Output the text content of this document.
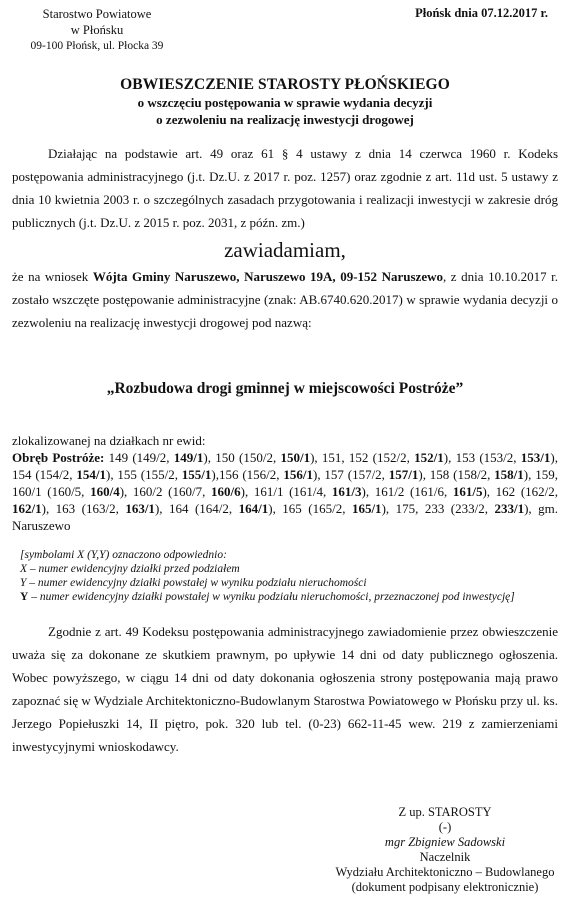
Starostwo Powiatowe
w Płońsku
09-100 Płońsk, ul. Płocka 39
Płońsk dnia 07.12.2017 r.
OBWIESZCZENIE STAROSTY PŁOŃSKIEGO
o wszczęciu postępowania w sprawie wydania decyzji
o zezwoleniu na realizację inwestycji drogowej

Działając na podstawie art. 49 oraz 61 § 4 ustawy z dnia 14 czerwca 1960 r. Kodeks postępowania administracyjnego (j.t. Dz.U. z 2017 r. poz. 1257) oraz zgodnie z art. 11d ust. 5 ustawy z dnia 10 kwietnia 2003 r. o szczególnych zasadach przygotowania i realizacji inwestycji w zakresie dróg publicznych (j.t. Dz.U. z 2015 r. poz. 2031, z późn. zm.)

zawiadamiam,

że na wniosek Wójta Gminy Naruszewo, Naruszewo 19A, 09-152 Naruszewo, z dnia 10.10.2017 r. zostało wszczęte postępowanie administracyjne (znak: AB.6740.620.2017) w sprawie wydania decyzji o zezwoleniu na realizację inwestycji drogowej pod nazwą:

„Rozbudowa drogi gminnej w miejscowości Postróże”
zlokalizowanej na działkach nr ewid:
Obręb Postróże: 149 (149/2, 149/1), 150 (150/2, 150/1), 151, 152 (152/2, 152/1), 153 (153/2, 153/1), 154 (154/2, 154/1), 155 (155/2, 155/1),156 (156/2, 156/1), 157 (157/2, 157/1), 158 (158/2, 158/1), 159, 160/1 (160/5, 160/4), 160/2 (160/7, 160/6), 161/1 (161/4, 161/3), 161/2 (161/6, 161/5), 162 (162/2, 162/1), 163 (163/2, 163/1), 164 (164/2, 164/1), 165 (165/2, 165/1), 175, 233 (233/2, 233/1), gm. Naruszewo
[symbolami X (Y,Y) oznaczono odpowiednio:
X – numer ewidencyjny działki przed podziałem
Y – numer ewidencyjny działki powstałej w wyniku podziału nieruchomości
Y – numer ewidencyjny działki powstałej w wyniku podziału nieruchomości, przeznaczonej pod inwestycję]

Zgodnie z art. 49 Kodeksu postępowania administracyjnego zawiadomienie przez obwieszczenie uważa się za dokonane ze skutkiem prawnym, po upływie 14 dni od daty publicznego ogłoszenia. Wobec powyższego, w ciągu 14 dni od daty dokonania ogłoszenia strony postępowania mają prawo zapoznać się w Wydziale Architektoniczno-Budowlanym Starostwa Powiatowego w Płońsku przy ul. ks. Jerzego Popiełuszki 14, II piętro, pok. 320 lub tel. (0-23) 662-11-45 wew. 219 z zamierzeniami inwestycyjnymi wnioskodawcy.

Z up. STAROSTY
(-)
mgr Zbigniew Sadowski
Naczelnik
Wydziału Architektoniczno – Budowlanego
(dokument podpisany elektronicznie)
